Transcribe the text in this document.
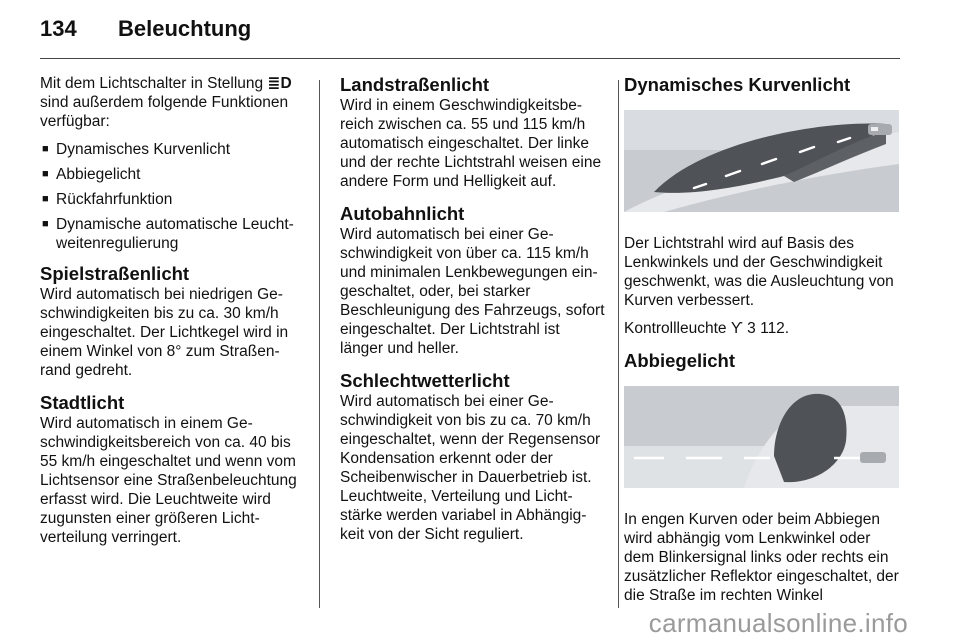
134 Beleuchtung

Mit dem Lichtschalter in Stellung ≣D sind außerdem folgende Funktionen verfügbar:

■ Dynamisches Kurvenlicht
■ Abbiegelicht
■ Rückfahrfunktion
■ Dynamische automatische Leuchtweitenregulierung
Spielstraßenlicht

Wird automatisch bei niedrigen Geschwindigkeiten bis zu ca. 30 km/h eingeschaltet. Der Lichtkegel wird in einem Winkel von 8° zum Straßenrand gedreht.

Stadtlicht

Wird automatisch in einem Geschwindigkeitsbereich von ca. 40 bis 55 km/h eingeschaltet und wenn vom Lichtsensor eine Straßenbeleuchtung erfasst wird. Die Leuchtweite wird zugunsten einer größeren Lichtverteilung verringert.

Landstraßenlicht

Wird in einem Geschwindigkeitsbereich zwischen ca. 55 und 115 km/h automatisch eingeschaltet. Der linke und der rechte Lichtstrahl weisen eine andere Form und Helligkeit auf.

Autobahnlicht

Wird automatisch bei einer Geschwindigkeit von über ca. 115 km/h und minimalen Lenkbewegungen eingeschaltet, oder, bei starker Beschleunigung des Fahrzeugs, sofort eingeschaltet. Der Lichtstrahl ist länger und heller.

Schlechtwetterlicht

Wird automatisch bei einer Geschwindigkeit von bis zu ca. 70 km/h eingeschaltet, wenn der Regensensor Kondensation erkennt oder der Scheibenwischer in Dauerbetrieb ist. Leuchtweite, Verteilung und Lichtstärke werden variabel in Abhängigkeit von der Sicht reguliert.

Dynamisches Kurvenlicht

Der Lichtstrahl wird auf Basis des Lenkwinkels und der Geschwindigkeit geschwenkt, was die Ausleuchtung von Kurven verbessert.

Kontrollleuchte ϒ 3 112.

Abbiegelicht

In engen Kurven oder beim Abbiegen wird abhängig vom Lenkwinkel oder dem Blinkersignal links oder rechts ein zusätzlicher Reflektor eingeschaltet, der die Straße im rechten Winkel

carmanualsonline.info
